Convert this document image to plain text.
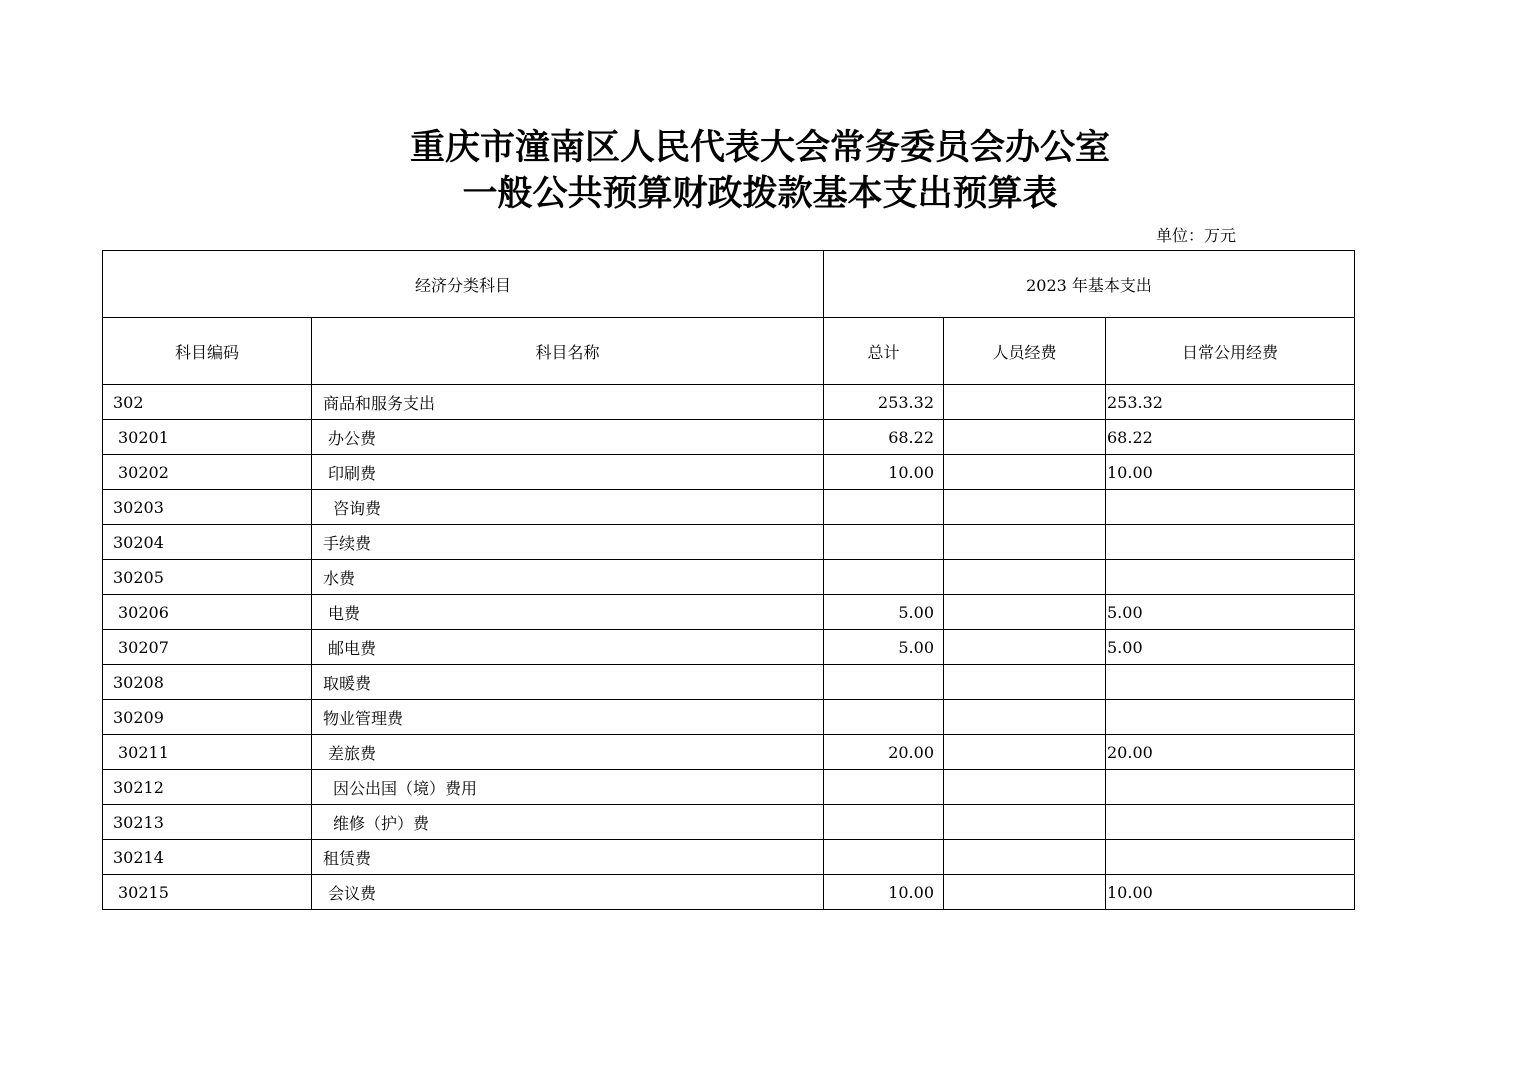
重庆市潼南区人民代表大会常务委员会办公室
一般公共预算财政拨款基本支出预算表
单位：万元
经济分类科目		2023 年基本支出		
科目编码	科目名称	总计	人员经费	日常公用经费
302	商品和服务支出	253.32		253.32
30201	办公费	68.22		68.22
30202	印刷费	10.00		10.00
30203	咨询费			
30204	手续费			
30205	水费			
30206	电费	5.00		5.00
30207	邮电费	5.00		5.00
30208	取暖费			
30209	物业管理费			
30211	差旅费	20.00		20.00
30212	因公出国（境）费用			
30213	维修（护）费			
30214	租赁费			
30215	会议费	10.00		10.00
